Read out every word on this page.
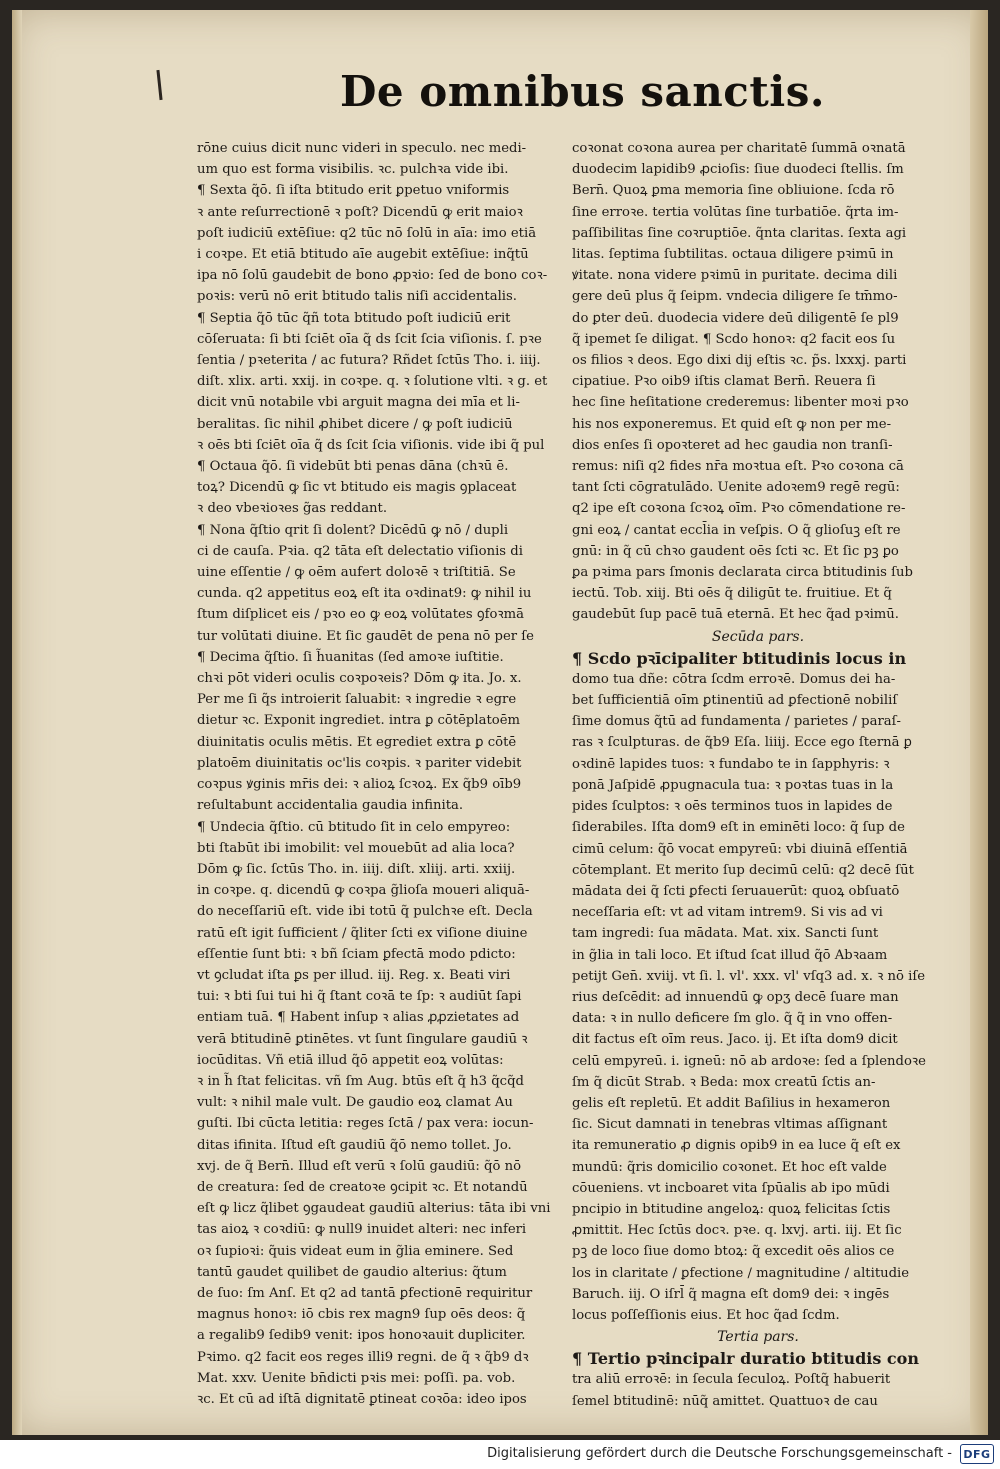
De omnibus sanctis.

rōne cuius dicit nunc videri in speculo. nec medi-

um quo est forma visibilis. ꝛc. pulchꝛa vide ibi.

¶ Sexta q̃ō. ſi iſta btitudo erit ꝑpetuo vniformis

ꝛ ante reſurrectionē ꝛ poſt? Dicendū ꝙ erit maioꝛ

poſt iudiciū extēſiue: q2 tūc nō ſolū in aīa: imo etiā

i coꝛpe. Et etiā btitudo aīe augebit extēſiue: inq̃tū

ipa nō ſolū gaudebit de bono ꝓpꝛio: ſed de bono coꝛ-

poꝛis: verū nō erit btitudo talis niſi accidentalis.

¶ Septia q̃ō tūc q̃ñ tota btitudo poſt iudiciū erit

cōſeruata: ſi bti ſciēt oīa q̃ ds ſcit ſcia viſionis. ſ. pꝛe

ſentia / pꝛeterita / ac futura? Rñdet ſctūs Tho. i. iiij.

diſt. xlix. arti. xxij. in coꝛpe. q. ꝛ ſolutione vlti. ꝛ g. et

dicit vnū notabile vbi arguit magna dei mīa et li-

beralitas. ſic nihil ꝓhibet dicere / ꝙ poſt iudiciū

ꝛ oēs bti ſciēt oīa q̃ ds ſcit ſcia viſionis. vide ibi q̃ pul

¶ Octaua q̃ō. ſi videbūt bti penas dāna (chꝛū ē.

toꝝ? Dicendū ꝙ ſic vt btitudo eis magis ꝯplaceat

ꝛ deo vbeꝛioꝛes g̃as reddant.

¶ Nona q̃ſtio qrit ſi dolent? Dicēdū ꝙ nō / dupli

ci de cauſa. Pꝛia. q2 tāta eſt delectatio viſionis di

uine eſſentie / ꝙ oēm aufert doloꝛē ꝛ triſtitiā. Se

cunda. q2 appetitus eoꝝ eſt ita oꝛdinat9: ꝙ nihil iu

ſtum diſplicet eis / pꝛo eo ꝙ eoꝝ volūtates ꝯfoꝛmā

tur volūtati diuine. Et ſic gaudēt de pena nō per ſe

¶ Decima q̃ſtio. ſi h̃uanitas (ſed amoꝛe iuſtitie.

chꝛi pōt videri oculis coꝛpoꝛeis? Dōm ꝙ ita. Jo. x.

Per me ſi q̃s introierit ſaluabit: ꝛ ingredie ꝛ egre

dietur ꝛc. Exponit ingrediet. intra ꝑ cōtēplatoēm

diuinitatis oculis mētis. Et egrediet extra ꝑ cōtē

platoēm diuinitatis oc'lis coꝛpis. ꝛ pariter videbit

coꝛpus ꝟginis mr̄is dei: ꝛ alioꝝ ſcꝛoꝝ. Ex q̃b9 oīb9

reſultabunt accidentalia gaudia infinita.

¶ Undecia q̃ſtio. cū btitudo ſit in celo empyreo:

bti ſtabūt ibi imobilit: vel mouebūt ad alia loca?

Dōm ꝙ ſic. ſctūs Tho. in. iiij. diſt. xliij. arti. xxiij.

in coꝛpe. q. dicendū ꝙ coꝛpa g̃lioſa moueri aliquā-

do neceſſariū eſt. vide ibi totū q̃ pulchꝛe eſt. Decla

ratū eſt igit ſufficient / q̃liter ſcti ex viſione diuine

eſſentie ſunt bti: ꝛ bñ ſciam ꝑfectā modo pdicto:

vt ꝯcludat iſta ꝑs per illud. iij. Reg. x. Beati viri

tui: ꝛ bti ſui tui hi q̃ ſtant coꝛā te ſp: ꝛ audiūt ſapi

entiam tuā. ¶ Habent inſup ꝛ alias ꝓꝓzietates ad

verā btitudinē ꝑtinētes. vt ſunt ſingulare gaudiū ꝛ

iocūditas. Vñ etiā illud q̃ō appetit eoꝝ volūtas:

ꝛ in h̃ ſtat felicitas. vñ ſm Aug. btūs eſt q̃ h3 q̃cq̃d

vult: ꝛ nihil male vult. De gaudio eoꝝ clamat Au

guſti. Ibi cūcta letitia: reges ſctā / pax vera: iocun-

ditas ifinita. Iſtud eſt gaudiū q̃ō nemo tollet. Jo.

xvj. de q̃ Bern̄. Illud eſt verū ꝛ ſolū gaudiū: q̃ō nō

de creatura: ſed de creatoꝛe ꝯcipit ꝛc. Et notandū

eſt ꝙ licz q̃libet ꝯgaudeat gaudiū alterius: tāta ibi vni

tas aioꝝ ꝛ coꝛdiū: ꝙ null9 inuidet alteri: nec inferi

oꝛ ſupioꝛi: q̃uis videat eum in g̃lia eminere. Sed

tantū gaudet quilibet de gaudio alterius: q̃tum

de ſuo: ſm Anſ. Et q2 ad tantā ꝑfectionē requiritur

magnus honoꝛ: iō cbis rex magn9 ſup oēs deos: q̃

a regalib9 ſedib9 venit: ipos honoꝛauit dupliciter.

Pꝛimo. q2 facit eos reges illi9 regni. de q̃ ꝛ q̃b9 dꝛ

Mat. xxv. Uenite bn̄dicti pꝛis mei: poſſi. pa. vob.

ꝛc. Et cū ad iſtā dignitatē ꝑtineat coꝛōa: ideo ipos

coꝛonat coꝛona aurea per charitatē ſummā oꝛnatā

duodecim lapidib9 ꝓcioſis: ſiue duodeci ſtellis. ſm

Bern̄. Quoꝝ ꝑma memoria ſine obliuione. ſcda rō

ſine erroꝛe. tertia volūtas ſine turbatiōe. q̃rta im-

paſſibilitas ſine coꝛruptiōe. q̃nta claritas. ſexta agi

litas. ſeptima ſubtilitas. octaua diligere pꝛimū in

ꝟitate. nona videre pꝛimū in puritate. decima dili

gere deū plus q̃ ſeipm. vndecia diligere ſe tm̄mo-

do ꝑter deū. duodecia videre deū diligentē ſe pl9

q̃ ipemet ſe diligat. ¶ Scdo honoꝛ: q2 facit eos ſu

os filios ꝛ deos. Ego dixi dij eſtis ꝛc. p̃s. lxxxj. parti

cipatiue. Pꝛo oib9 iſtis clamat Bern̄. Reuera ſi

hec ſine heſitatione crederemus: libenter moꝛi pꝛo

his nos exponeremus. Et quid eſt ꝙ non per me-

dios enſes ſi opoꝛteret ad hec gaudia non tranſi-

remus: niſi q2 fides nr̄a moꝛtua eſt. Pꝛo coꝛona cā

tant ſcti cōgratulādo. Uenite adoꝛem9 regē regū:

q2 ipe eſt coꝛona ſcꝛoꝝ oīm. Pꝛo cōmendatione re-

gni eoꝝ / cantat eccl̄ia in veſꝑis. O q̃ glioſuꝫ eſt re

gnū: in q̃ cū chꝛo gaudent oēs ſcti ꝛc. Et ſic pꝫ ꝑo

ꝑa pꝛima pars ſmonis declarata circa btitudinis ſub

iectū. Tob. xiij. Bti oēs q̃ diligūt te. fruitiue. Et q̃

gaudebūt ſup pacē tuā eternā. Et hec q̃ad pꝛimū.

Secūda pars.

¶ Scdo pꝛīcipaliter btitudinis locus in

domo tua dñe: cōtra ſcdm erroꝛē. Domus dei ha-

bet ſufficientiā oīm ꝑtinentiū ad ꝑfectionē nobiliſ

ſime domus q̃tū ad fundamenta / parietes / paraſ-

ras ꝛ ſculpturas. de q̃b9 Eſa. liiij. Ecce ego ſternā ꝑ

oꝛdinē lapides tuos: ꝛ fundabo te in ſapphyris: ꝛ

ponā Jaſpidē ꝓpugnacula tua: ꝛ poꝛtas tuas in la

pides ſculptos: ꝛ oēs terminos tuos in lapides de

ſiderabiles. Iſta dom9 eſt in eminēti loco: q̃ ſup de

cimū celum: q̃ō vocat empyreū: vbi diuinā eſſentiā

cōtemplant. Et merito ſup decimū celū: q2 decē ſūt

mādata dei q̃ ſcti ꝑfecti ſeruauerūt: quoꝝ obſuatō

neceſſaria eſt: vt ad vitam intrem9. Si vis ad vi

tam ingredi: ſua mādata. Mat. xix. Sancti ſunt

in g̃lia in tali loco. Et iſtud ſcat illud q̃ō Abꝛaam

petijt Gen̄. xviij. vt ſi. l. vl'. xxx. vl' vſq3 ad. x. ꝛ nō iſe

rius deſcēdit: ad innuendū ꝙ opʒ decē ſuare man

data: ꝛ in nullo deficere ſm glo. q̃ q̃ in vno offen-

dit factus eſt oīm reus. Jaco. ij. Et iſta dom9 dicit

celū empyreū. i. igneū: nō ab ardoꝛe: ſed a ſplendoꝛe

ſm q̃ dicūt Strab. ꝛ Beda: mox creatū ſctis an-

gelis eſt repletū. Et addit Baſilius in hexameron

ſic. Sicut damnati in tenebras vltimas aſſignant

ita remuneratio ꝓ dignis opib9 in ea luce q̃ eſt ex

mundū: q̃ris domicilio coꝛonet. Et hoc eſt valde

cōueniens. vt incboaret vita ſpūalis ab ipo mūdi

pncipio in btitudine angeloꝝ: quoꝝ felicitas ſctis

ꝓmittit. Hec ſctūs docꝛ. pꝛe. q. lxvj. arti. iij. Et ſic

pꝫ de loco ſiue domo btoꝝ: q̃ excedit oēs alios ce

los in claritate / ꝑfectione / magnitudine / altitudie

Baruch. iij. O iſrl̄ q̃ magna eſt dom9 dei: ꝛ ingēs

locus poſſeſſionis eius. Et hoc q̃ad ſcdm.

Tertia pars.

¶ Tertio pꝛincipalr duratio btitudis con

tra aliū erroꝛē: in ſecula ſeculoꝝ. Poſtq̃ habuerit

ſemel btitudinē: nūq̃ amittet. Quattuoꝛ de cau

Digitalisierung gefördert durch die Deutsche Forschungsgemeinschaft -	DFG
